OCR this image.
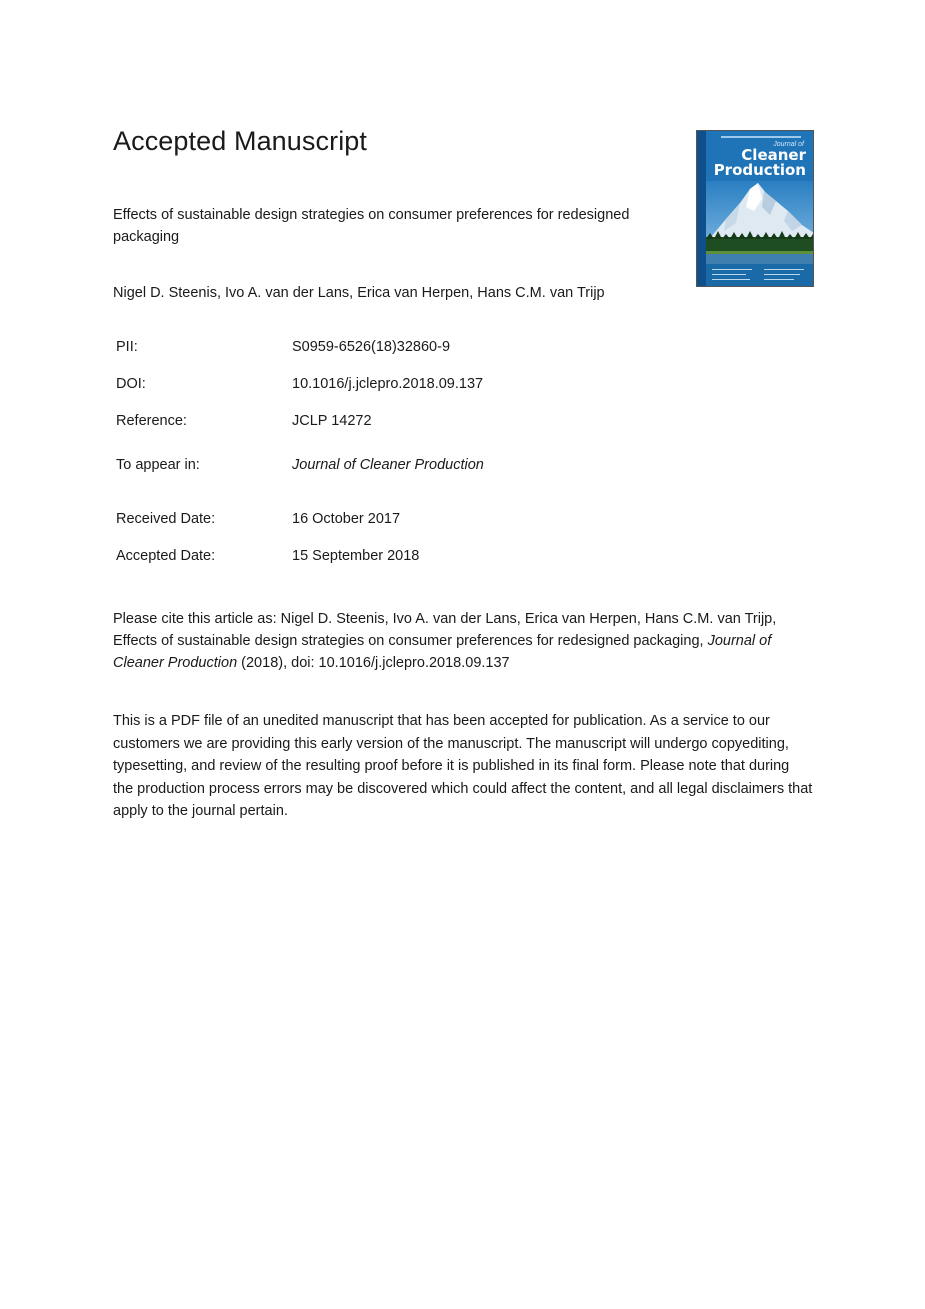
Accepted Manuscript
Effects of sustainable design strategies on consumer preferences for redesigned packaging
Nigel D. Steenis, Ivo A. van der Lans, Erica van Herpen, Hans C.M. van Trijp
Journal of
Cleaner
Production
PII:	S0959-6526(18)32860-9
DOI:	10.1016/j.jclepro.2018.09.137
Reference:	JCLP 14272
To appear in:	Journal of Cleaner Production
Received Date:	16 October 2017
Accepted Date:	15 September 2018
Please cite this article as: Nigel D. Steenis, Ivo A. van der Lans, Erica van Herpen, Hans C.M. van Trijp, Effects of sustainable design strategies on consumer preferences for redesigned packaging, Journal of Cleaner Production (2018), doi: 10.1016/j.jclepro.2018.09.137
This is a PDF file of an unedited manuscript that has been accepted for publication. As a service to our customers we are providing this early version of the manuscript. The manuscript will undergo copyediting, typesetting, and review of the resulting proof before it is published in its final form. Please note that during the production process errors may be discovered which could affect the content, and all legal disclaimers that apply to the journal pertain.
